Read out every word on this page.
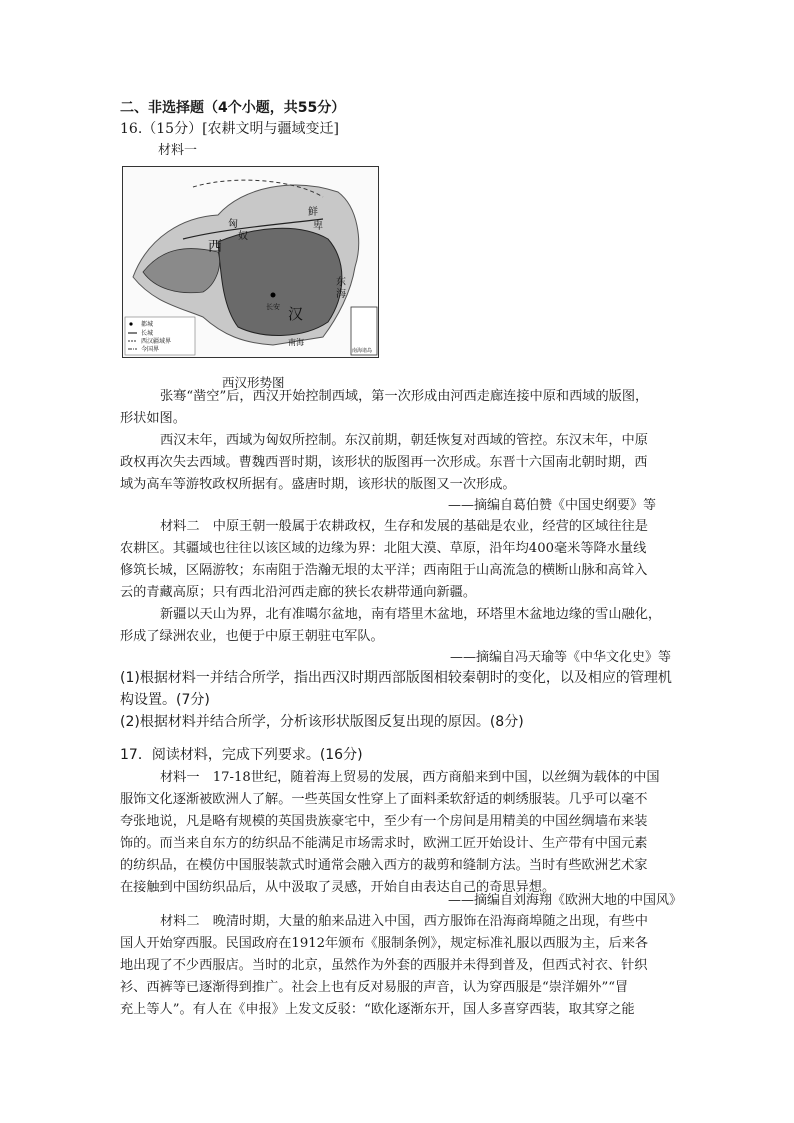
二、非选择题（4个小题，共55分）
16.（15分）[农耕文明与疆域变迁]
材料一
匈
奴
鲜
卑
西
汉
长安
东
海
南海
南海诸岛
都城
长城
西汉疆域界
今国界
西汉形势图
张骞“凿空”后，西汉开始控制西域，第一次形成由河西走廊连接中原和西域的版图，
形状如图。
西汉末年，西域为匈奴所控制。东汉前期，朝廷恢复对西域的管控。东汉末年，中原
政权再次失去西域。曹魏西晋时期，该形状的版图再一次形成。东晋十六国南北朝时期，西
域为高车等游牧政权所据有。盛唐时期，该形状的版图又一次形成。
——摘编自葛伯赞《中国史纲要》等
材料二　中原王朝一般属于农耕政权，生存和发展的基础是农业，经营的区域往往是
农耕区。其疆域也往往以该区域的边缘为界：北阻大漠、草原，沿年均400毫米等降水量线
修筑长城，区隔游牧；东南阻于浩瀚无垠的太平洋；西南阻于山高流急的横断山脉和高耸入
云的青藏高原；只有西北沿河西走廊的狭长农耕带通向新疆。
新疆以天山为界，北有准噶尔盆地，南有塔里木盆地，环塔里木盆地边缘的雪山融化，
形成了绿洲农业，也便于中原王朝驻屯军队。
——摘编自冯天瑜等《中华文化史》等
(1)根据材料一并结合所学，指出西汉时期西部版图相较秦朝时的变化，以及相应的管理机
构设置。(7分)
(2)根据材料并结合所学，分析该形状版图反复出现的原因。(8分)
17．阅读材料，完成下列要求。(16分)
材料一　17-18世纪，随着海上贸易的发展，西方商船来到中国，以丝绸为载体的中国
服饰文化逐渐被欧洲人了解。一些英国女性穿上了面料柔软舒适的刺绣服装。几乎可以毫不
夸张地说，凡是略有规模的英国贵族豪宅中，至少有一个房间是用精美的中国丝绸墙布来装
饰的。而当来自东方的纺织品不能满足市场需求时，欧洲工匠开始设计、生产带有中国元素
的纺织品，在模仿中国服装款式时通常会融入西方的裁剪和缝制方法。当时有些欧洲艺术家
在接触到中国纺织品后，从中汲取了灵感，开始自由表达自己的奇思异想。
——摘编自刘海翔《欧洲大地的中国风》
材料二　晚清时期，大量的舶来品进入中国，西方服饰在沿海商埠随之出现，有些中
国人开始穿西服。民国政府在1912年颁布《服制条例》，规定标准礼服以西服为主，后来各
地出现了不少西服店。当时的北京，虽然作为外套的西服并未得到普及，但西式衬衣、针织
衫、西裤等已逐渐得到推广。社会上也有反对易服的声音，认为穿西服是“崇洋媚外”“冒
充上等人”。有人在《申报》上发文反驳：“欧化逐渐东开，国人多喜穿西装，取其穿之能
